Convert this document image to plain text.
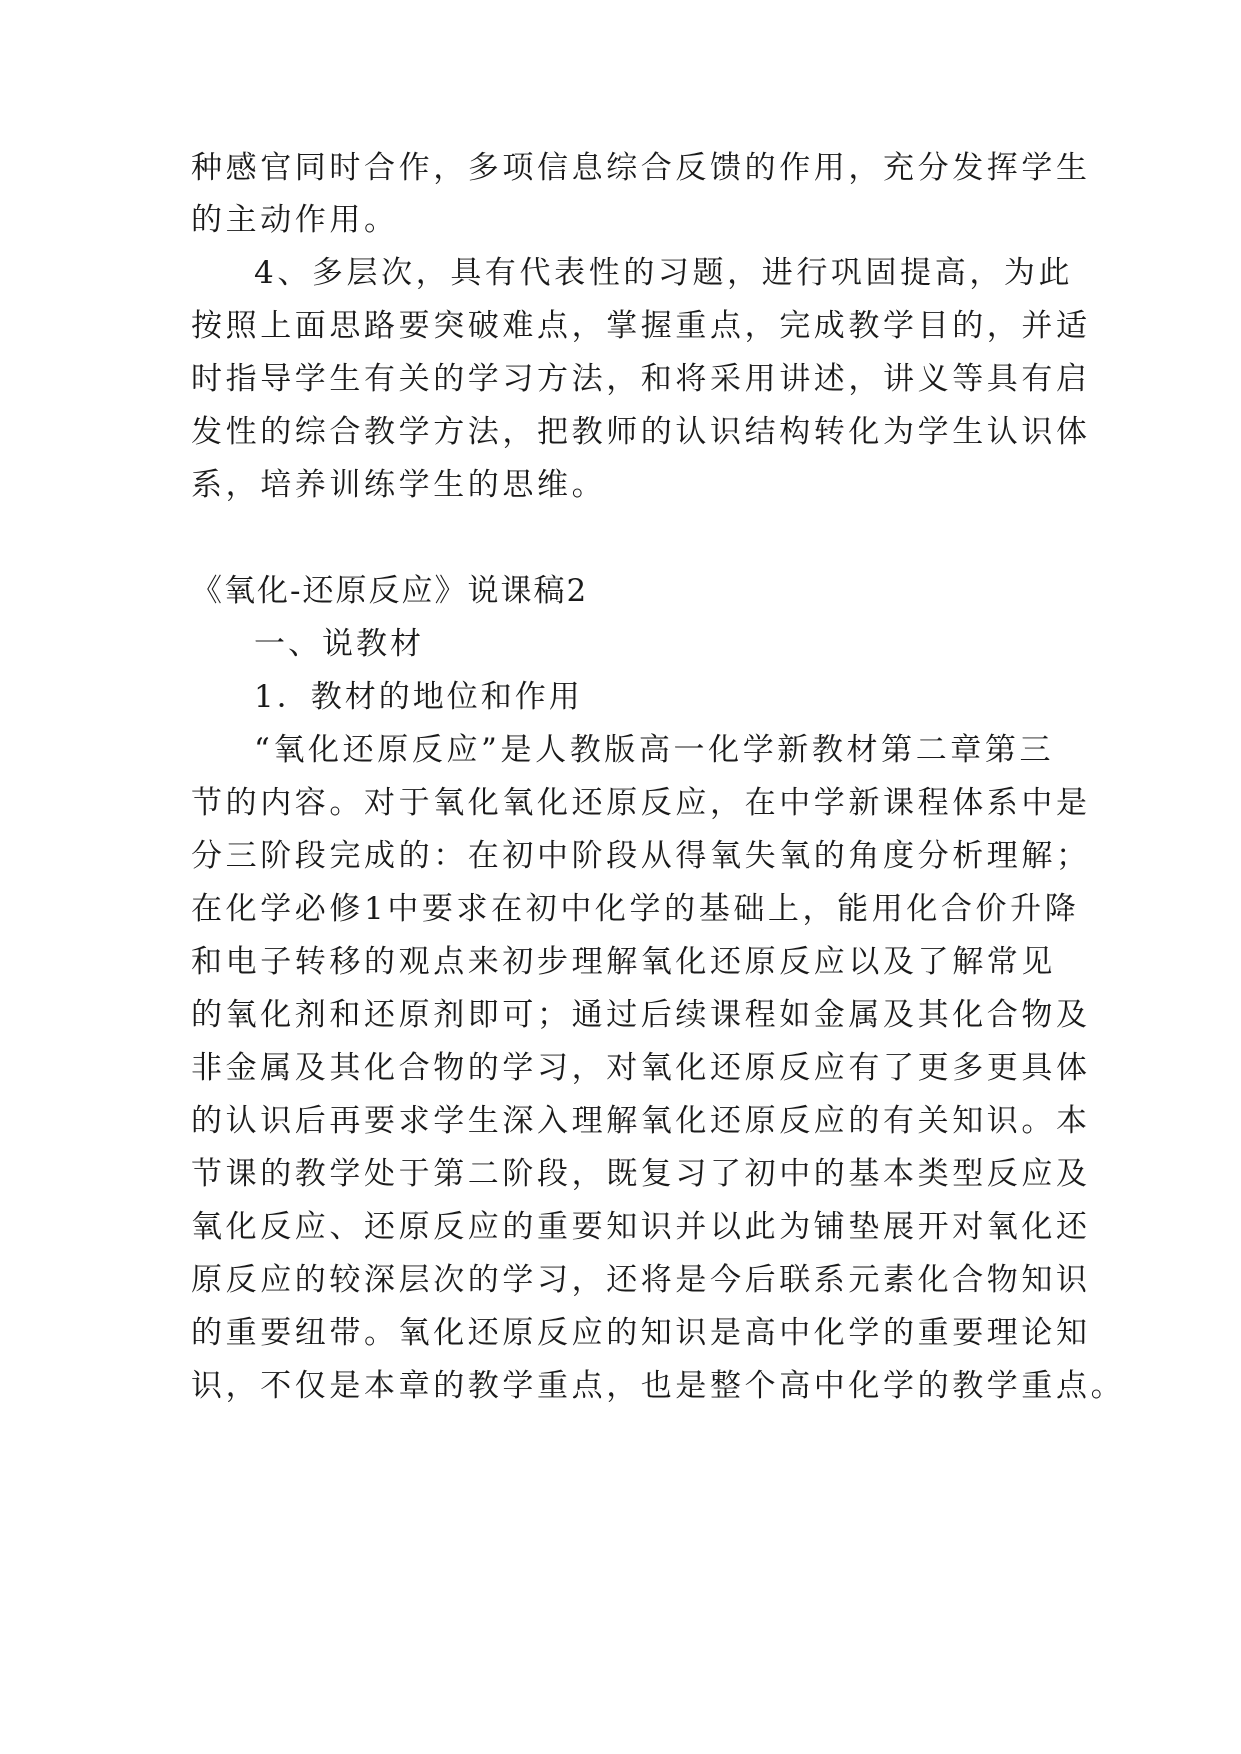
种感官同时合作，多项信息综合反馈的作用，充分发挥学生
的主动作用。
4、多层次，具有代表性的习题，进行巩固提高，为此
按照上面思路要突破难点，掌握重点，完成教学目的，并适
时指导学生有关的学习方法，和将采用讲述，讲义等具有启
发性的综合教学方法，把教师的认识结构转化为学生认识体
系，培养训练学生的思维。
《氧化-还原反应》说课稿2
一、说教材
1．教材的地位和作用
“氧化还原反应”是人教版高一化学新教材第二章第三
节的内容。对于氧化氧化还原反应，在中学新课程体系中是
分三阶段完成的：在初中阶段从得氧失氧的角度分析理解；
在化学必修1中要求在初中化学的基础上，能用化合价升降
和电子转移的观点来初步理解氧化还原反应以及了解常见
的氧化剂和还原剂即可；通过后续课程如金属及其化合物及
非金属及其化合物的学习，对氧化还原反应有了更多更具体
的认识后再要求学生深入理解氧化还原反应的有关知识。本
节课的教学处于第二阶段，既复习了初中的基本类型反应及
氧化反应、还原反应的重要知识并以此为铺垫展开对氧化还
原反应的较深层次的学习，还将是今后联系元素化合物知识
的重要纽带。氧化还原反应的知识是高中化学的重要理论知
识，不仅是本章的教学重点，也是整个高中化学的教学重点。
